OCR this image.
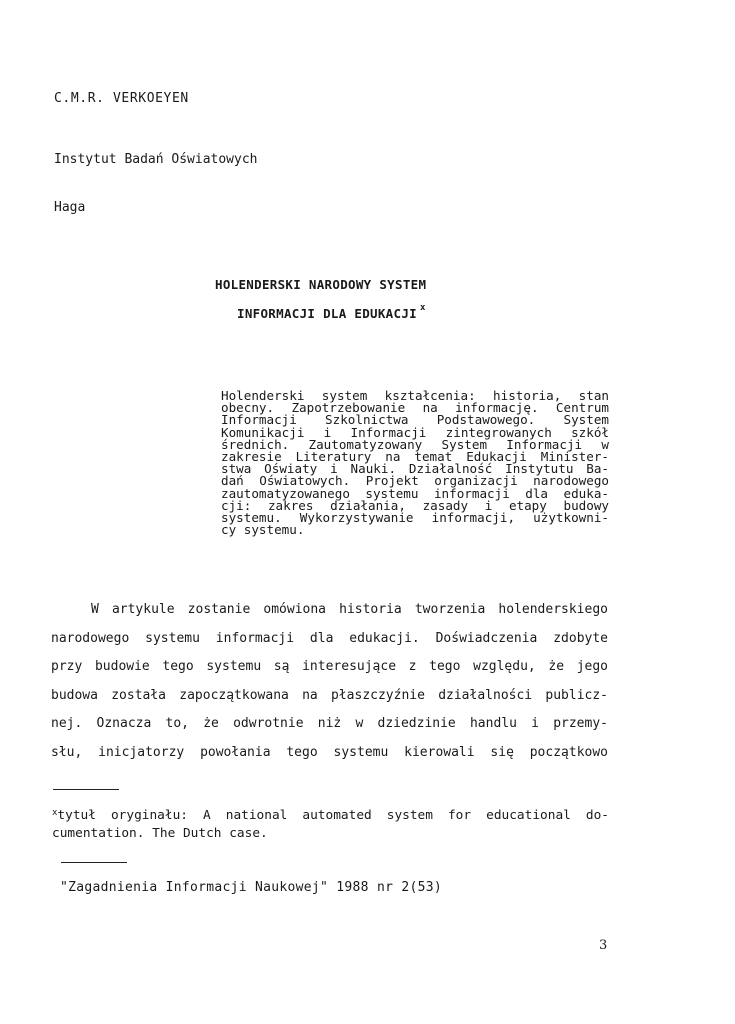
C.M.R. VERKOEYEN

Instytut Badań Oświatowych

Haga

HOLENDERSKI NARODOWY SYSTEM
INFORMACJI DLA EDUKACJI $^x$
Holenderski system kształcenia: historia, stan
obecny. Zapotrzebowanie na informację. Centrum
Informacji Szkolnictwa Podstawowego. System
Komunikacji i Informacji zintegrowanych szkół
średnich. Zautomatyzowany System Informacji w
zakresie Literatury na temat Edukacji Minister-
stwa Oświaty i Nauki. Działalność Instytutu Ba-
dań Oświatowych. Projekt organizacji narodowego
zautomatyzowanego systemu informacji dla eduka-
cji: zakres działania, zasady i etapy budowy
systemu. Wykorzystywanie informacji, użytkowni-
cy systemu.
W artykule zostanie omówiona historia tworzenia holenderskiego
narodowego systemu informacji dla edukacji. Doświadczenia zdobyte
przy budowie tego systemu są interesujące z tego względu, że jego
budowa została zapoczątkowana na płaszczyźnie działalności publicz-
nej. Oznacza to, że odwrotnie niż w dziedzinie handlu i przemy-
słu, inicjatorzy powołania tego systemu kierowali się początkowo
$^x$tytuł oryginału: A national automated system for educational do-
cumentation. The Dutch case.
"Zagadnienia Informacji Naukowej" 1988 nr 2(53)
3
